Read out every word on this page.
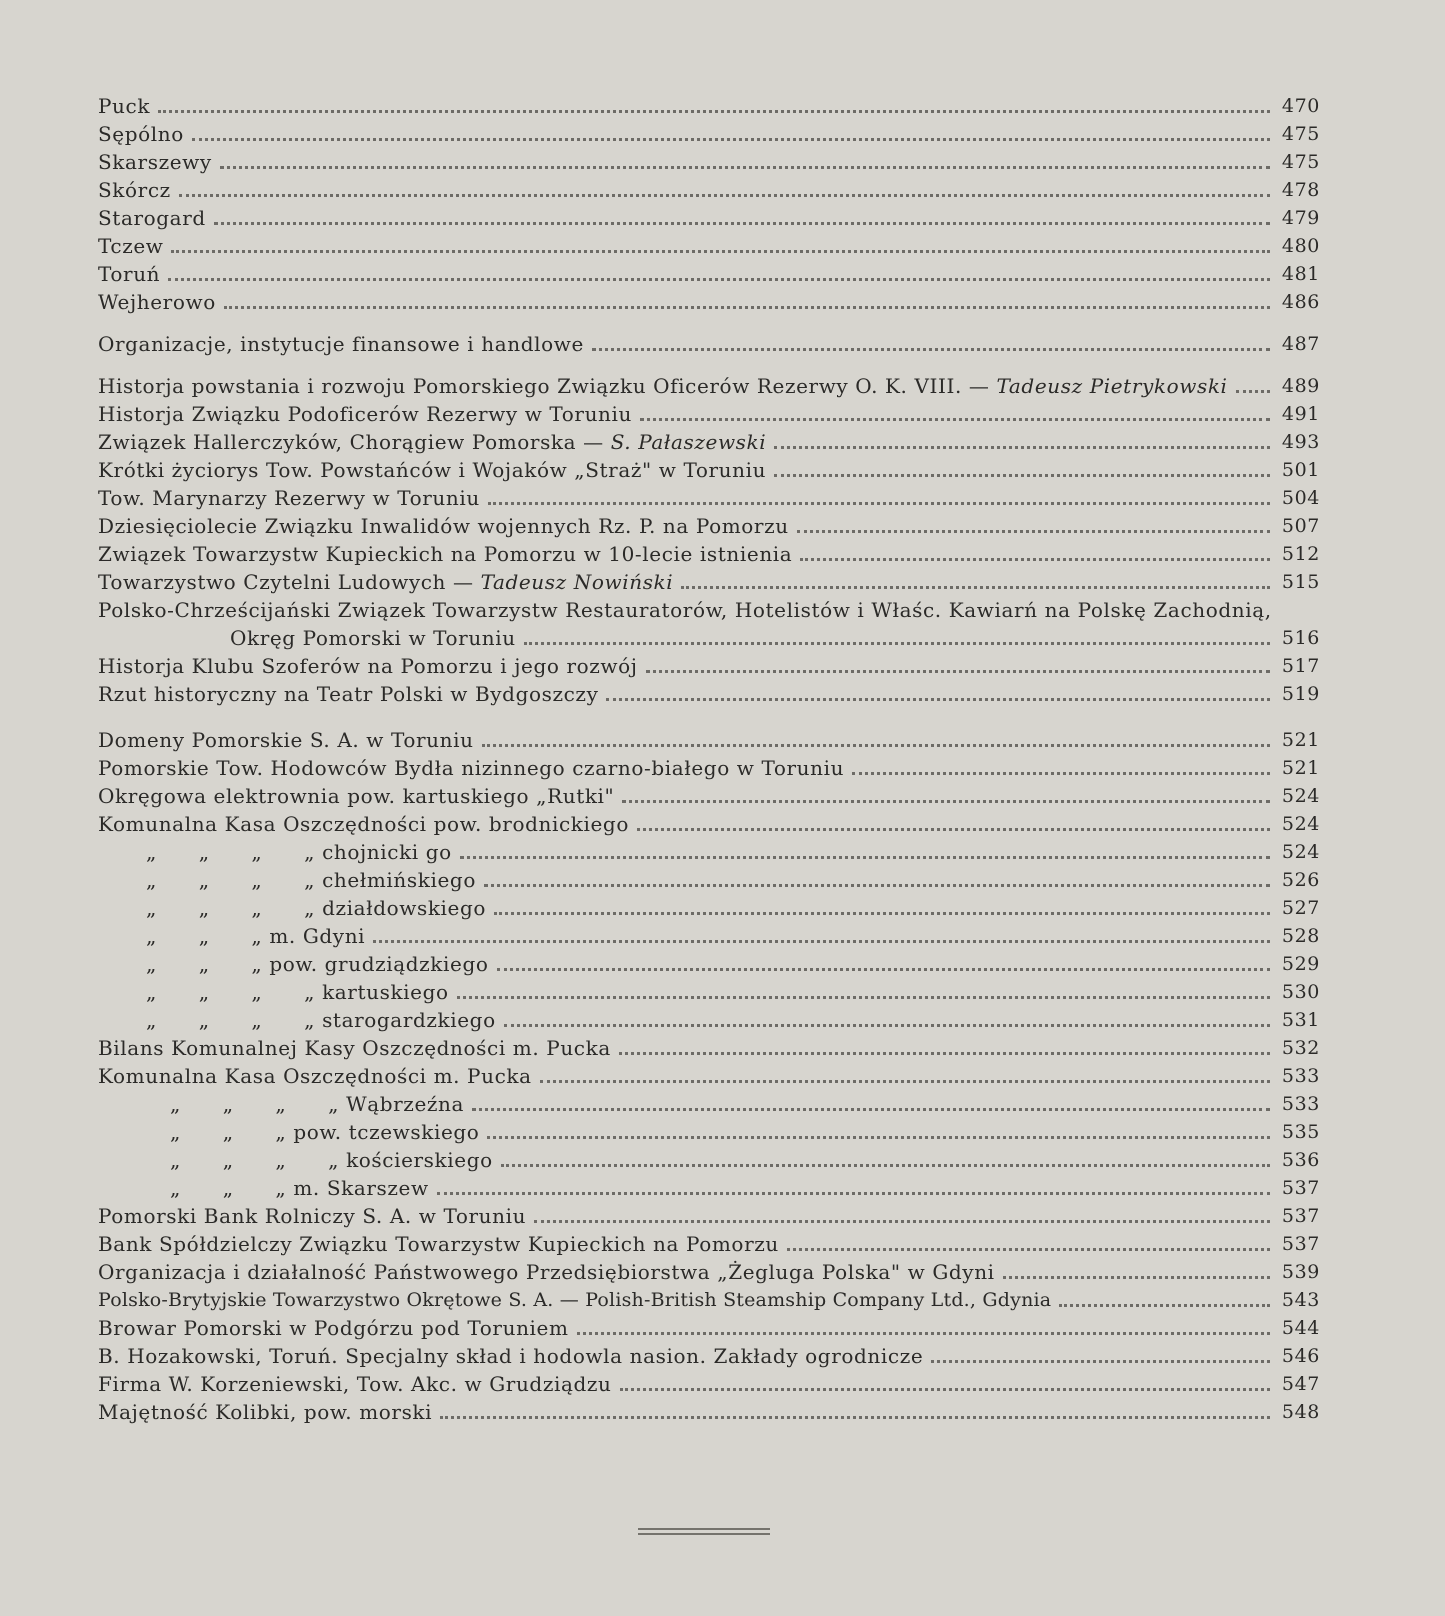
Puck	470
Sępólno	475
Skarszewy	475
Skórcz	478
Starogard	479
Tczew	480
Toruń	481
Wejherowo	486
Organizacje, instytucje finansowe i handlowe	487
Historja powstania i rozwoju Pomorskiego Związku Oficerów Rezerwy O. K. VIII. — Tadeusz Pietrykowski	489
Historja Związku Podoficerów Rezerwy w Toruniu	491
Związek Hallerczyków, Chorągiew Pomorska — S. Pałaszewski	493
Krótki życiorys Tow. Powstańców i Wojaków „Straż" w Toruniu	501
Tow. Marynarzy Rezerwy w Toruniu	504
Dziesięciolecie Związku Inwalidów wojennych Rz. P. na Pomorzu	507
Związek Towarzystw Kupieckich na Pomorzu w 10-lecie istnienia	512
Towarzystwo Czytelni Ludowych — Tadeusz Nowiński	515
Polsko-Chrześcijański Związek Towarzystw Restauratorów, Hotelistów i Właśc. Kawiarń na Polskę Zachodnią,
Okręg Pomorski w Toruniu	516
Historja Klubu Szoferów na Pomorzu i jego rozwój	517
Rzut historyczny na Teatr Polski w Bydgoszczy	519
Domeny Pomorskie S. A. w Toruniu	521
Pomorskie Tow. Hodowców Bydła nizinnego czarno-białego w Toruniu	521
Okręgowa elektrownia pow. kartuskiego „Rutki"	524
Komunalna Kasa Oszczędności pow. brodnickiego	524
„      „      „      „ chojnicki go	524
„      „      „      „ chełmińskiego	526
„      „      „      „ działdowskiego	527
„      „      „ m. Gdyni	528
„      „      „ pow. grudziądzkiego	529
„      „      „      „ kartuskiego	530
„      „      „      „ starogardzkiego	531
Bilans Komunalnej Kasy Oszczędności m. Pucka	532
Komunalna Kasa Oszczędności m. Pucka	533
„      „      „      „ Wąbrzeźna	533
„      „      „ pow. tczewskiego	535
„      „      „      „ kościerskiego	536
„      „      „ m. Skarszew	537
Pomorski Bank Rolniczy S. A. w Toruniu	537
Bank Spółdzielczy Związku Towarzystw Kupieckich na Pomorzu	537
Organizacja i działalność Państwowego Przedsiębiorstwa „Żegluga Polska" w Gdyni	539
Polsko-Brytyjskie Towarzystwo Okrętowe S. A. — Polish-British Steamship Company Ltd., Gdynia	543
Browar Pomorski w Podgórzu pod Toruniem	544
B. Hozakowski, Toruń. Specjalny skład i hodowla nasion. Zakłady ogrodnicze	546
Firma W. Korzeniewski, Tow. Akc. w Grudziądzu	547
Majętność Kolibki, pow. morski	548
